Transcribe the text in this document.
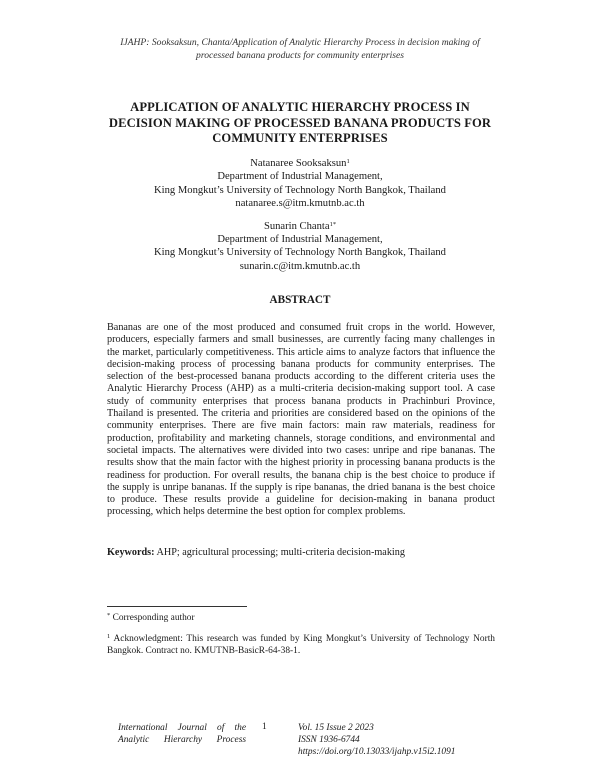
IJAHP: Sooksaksun, Chanta/Application of Analytic Hierarchy Process in decision making of
processed banana products for community enterprises
APPLICATION OF ANALYTIC HIERARCHY PROCESS IN
DECISION MAKING OF PROCESSED BANANA PRODUCTS FOR
COMMUNITY ENTERPRISES
Natanaree Sooksaksun$^1$
Department of Industrial Management,
King Mongkut’s University of Technology North Bangkok, Thailand
natanaree.s@itm.kmutnb.ac.th
Sunarin Chanta$^{1*}$
Department of Industrial Management,
King Mongkut’s University of Technology North Bangkok, Thailand
sunarin.c@itm.kmutnb.ac.th
ABSTRACT
Bananas are one of the most produced and consumed fruit crops in the world. However, producers, especially farmers and small businesses, are currently facing many challenges in the market, particularly competitiveness. This article aims to analyze factors that influence the decision-making process of processing banana products for community enterprises. The selection of the best-processed banana products according to the different criteria uses the Analytic Hierarchy Process (AHP) as a multi-criteria decision-making support tool. A case study of community enterprises that process banana products in Prachinburi Province, Thailand is presented. The criteria and priorities are considered based on the opinions of the community enterprises. There are five main factors: main raw materials, readiness for production, profitability and marketing channels, storage conditions, and environmental and societal impacts. The alternatives were divided into two cases: unripe and ripe bananas. The results show that the main factor with the highest priority in processing banana products is the readiness for production. For overall results, the banana chip is the best choice to produce if the supply is unripe bananas. If the supply is ripe bananas, the dried banana is the best choice to produce. These results provide a guideline for decision-making in banana product processing, which helps determine the best option for complex problems.
Keywords: AHP; agricultural processing; multi-criteria decision-making
* Corresponding author
$^1$ Acknowledgment: This research was funded by King Mongkut’s University of Technology North Bangkok. Contract no. KMUTNB-BasicR-64-38-1.
International Journal of the
Analytic Hierarchy Process
1	Vol. 15 Issue 2 2023
ISSN 1936-6744
https://doi.org/10.13033/ijahp.v15i2.1091
